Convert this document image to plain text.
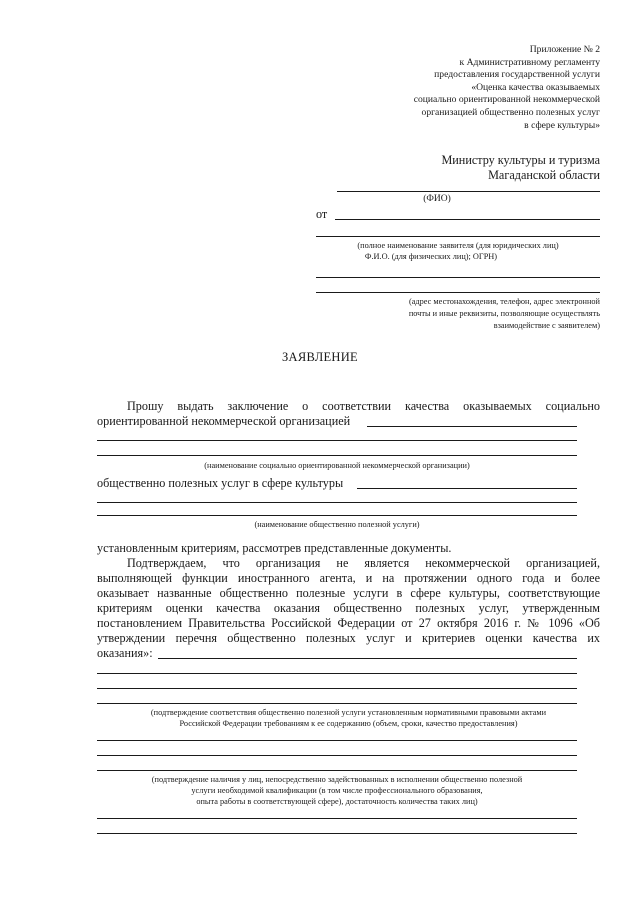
Приложение № 2
к Административному регламенту
предоставления государственной услуги
«Оценка качества оказываемых
социально ориентированной некоммерческой
организацией общественно полезных услуг
в сфере культуры»
Министру культуры и туризма
Магаданской области
(ФИО)
от
(полное наименование заявителя (для юридических лиц)
Ф.И.О. (для физических лиц); ОГРН)
(адрес местонахождения, телефон, адрес электронной
почты и иные реквизиты, позволяющие осуществлять
взаимодействие с заявителем)
ЗАЯВЛЕНИЕ
Прошу выдать заключение о соответствии качества оказываемых социально
ориентированной некоммерческой организацией
(наименование социально ориентированной некоммерческой организации)
общественно полезных услуг в сфере культуры
(наименование общественно полезной услуги)
установленным критериям, рассмотрев представленные документы.
Подтверждаем, что организация не является некоммерческой организацией,
выполняющей функции иностранного агента, и на протяжении одного года и более
оказывает названные общественно полезные услуги в сфере культуры, соответствующие
критериям оценки качества оказания общественно полезных услуг, утвержденным
постановлением Правительства Российской Федерации от 27 октября 2016 г. № 1096 «Об
утверждении перечня общественно полезных услуг и критериев оценки качества их
оказания»:
(подтверждение соответствия общественно полезной услуги установленным нормативными правовыми актами
Российской Федерации требованиям к ее содержанию (объем, сроки, качество предоставления)
(подтверждение наличия у лиц, непосредственно задействованных в исполнении общественно полезной
услуги необходимой квалификации (в том числе профессионального образования,
опыта работы в соответствующей сфере), достаточность количества таких лиц)
